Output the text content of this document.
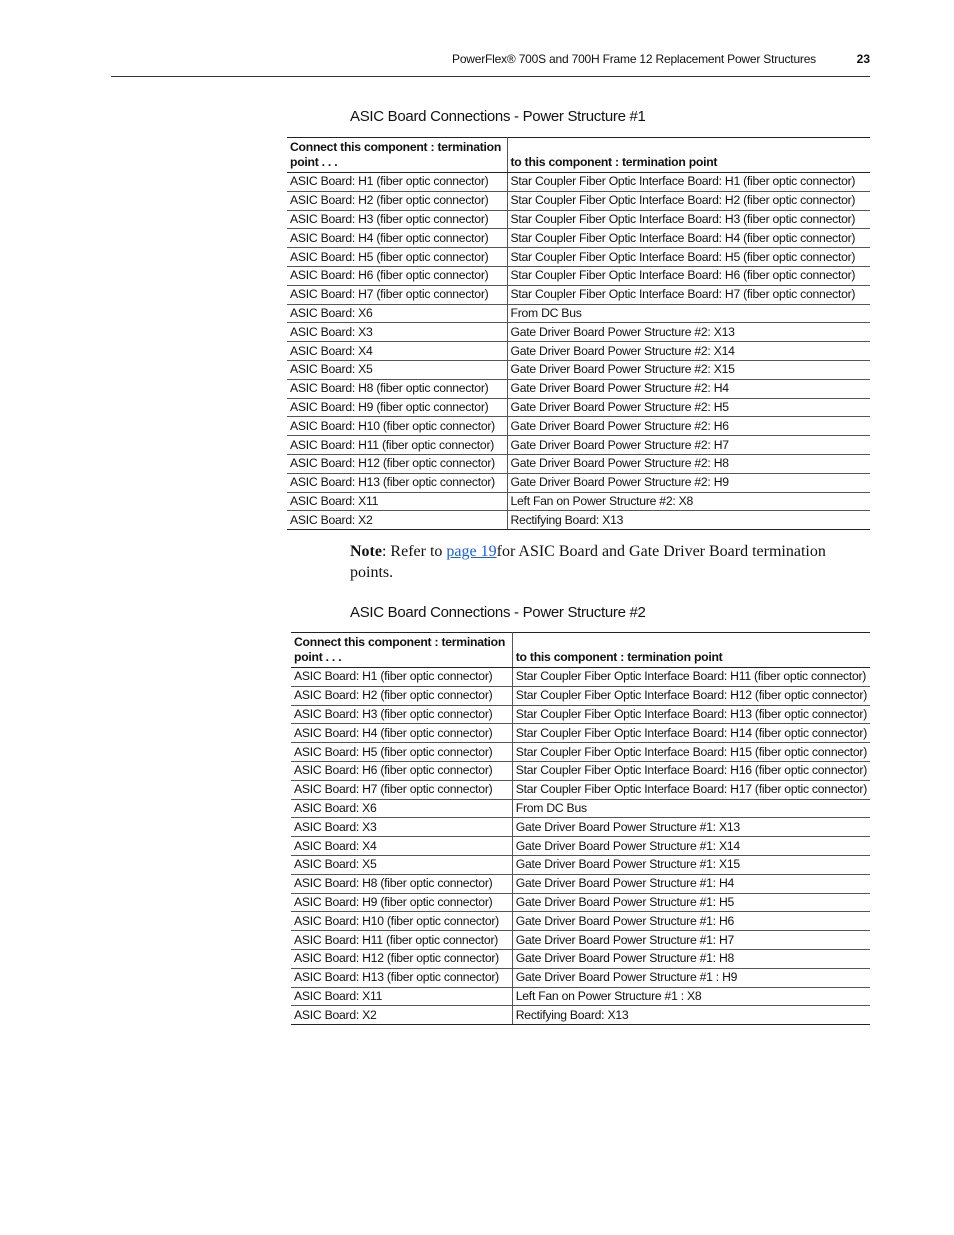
PowerFlex® 700S and 700H Frame 12 Replacement Power Structures	23
ASIC Board Connections - Power Structure #1
Connect this component : termination point . . .	to this component : termination point
ASIC Board: H1 (fiber optic connector)	Star Coupler Fiber Optic Interface Board: H1 (fiber optic connector)
ASIC Board: H2 (fiber optic connector)	Star Coupler Fiber Optic Interface Board: H2 (fiber optic connector)
ASIC Board: H3 (fiber optic connector)	Star Coupler Fiber Optic Interface Board: H3 (fiber optic connector)
ASIC Board: H4 (fiber optic connector)	Star Coupler Fiber Optic Interface Board: H4 (fiber optic connector)
ASIC Board: H5 (fiber optic connector)	Star Coupler Fiber Optic Interface Board: H5 (fiber optic connector)
ASIC Board: H6 (fiber optic connector)	Star Coupler Fiber Optic Interface Board: H6 (fiber optic connector)
ASIC Board: H7 (fiber optic connector)	Star Coupler Fiber Optic Interface Board: H7 (fiber optic connector)
ASIC Board: X6	From DC Bus
ASIC Board: X3	Gate Driver Board Power Structure #2: X13
ASIC Board: X4	Gate Driver Board Power Structure #2: X14
ASIC Board: X5	Gate Driver Board Power Structure #2: X15
ASIC Board: H8 (fiber optic connector)	Gate Driver Board Power Structure #2: H4
ASIC Board: H9 (fiber optic connector)	Gate Driver Board Power Structure #2: H5
ASIC Board: H10 (fiber optic connector)	Gate Driver Board Power Structure #2: H6
ASIC Board: H11 (fiber optic connector)	Gate Driver Board Power Structure #2: H7
ASIC Board: H12 (fiber optic connector)	Gate Driver Board Power Structure #2: H8
ASIC Board: H13 (fiber optic connector)	Gate Driver Board Power Structure #2: H9
ASIC Board: X11	Left Fan on Power Structure #2: X8
ASIC Board: X2	Rectifying Board: X13
Note: Refer to page 19for ASIC Board and Gate Driver Board termination points.
ASIC Board Connections - Power Structure #2
Connect this component : termination point . . .	to this component : termination point
ASIC Board: H1 (fiber optic connector)	Star Coupler Fiber Optic Interface Board: H11 (fiber optic connector)
ASIC Board: H2 (fiber optic connector)	Star Coupler Fiber Optic Interface Board: H12 (fiber optic connector)
ASIC Board: H3 (fiber optic connector)	Star Coupler Fiber Optic Interface Board: H13 (fiber optic connector)
ASIC Board: H4 (fiber optic connector)	Star Coupler Fiber Optic Interface Board: H14 (fiber optic connector)
ASIC Board: H5 (fiber optic connector)	Star Coupler Fiber Optic Interface Board: H15 (fiber optic connector)
ASIC Board: H6 (fiber optic connector)	Star Coupler Fiber Optic Interface Board: H16 (fiber optic connector)
ASIC Board: H7 (fiber optic connector)	Star Coupler Fiber Optic Interface Board: H17 (fiber optic connector)
ASIC Board: X6	From DC Bus
ASIC Board: X3	Gate Driver Board Power Structure #1: X13
ASIC Board: X4	Gate Driver Board Power Structure #1: X14
ASIC Board: X5	Gate Driver Board Power Structure #1: X15
ASIC Board: H8 (fiber optic connector)	Gate Driver Board Power Structure #1: H4
ASIC Board: H9 (fiber optic connector)	Gate Driver Board Power Structure #1: H5
ASIC Board: H10 (fiber optic connector)	Gate Driver Board Power Structure #1: H6
ASIC Board: H11 (fiber optic connector)	Gate Driver Board Power Structure #1: H7
ASIC Board: H12 (fiber optic connector)	Gate Driver Board Power Structure #1: H8
ASIC Board: H13 (fiber optic connector)	Gate Driver Board Power Structure #1 : H9
ASIC Board: X11	Left Fan on Power Structure #1 : X8
ASIC Board: X2	Rectifying Board: X13
